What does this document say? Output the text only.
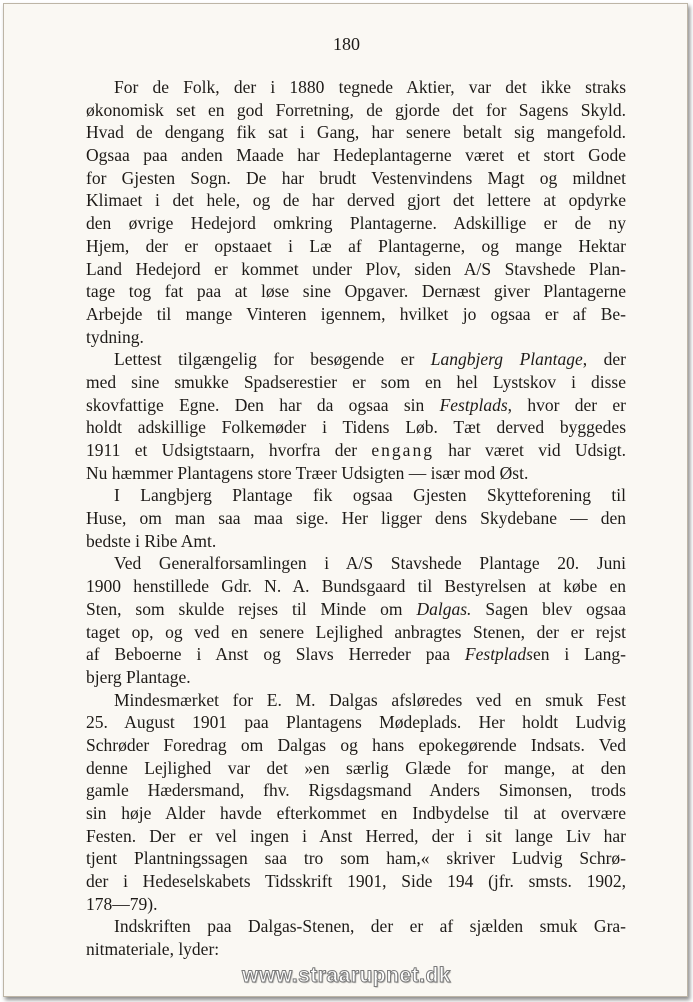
180
For de Folk, der i 1880 tegnede Aktier, var det ikke straks
økonomisk set en god Forretning, de gjorde det for Sagens Skyld.
Hvad de dengang fik sat i Gang, har senere betalt sig mangefold.
Ogsaa paa anden Maade har Hedeplantagerne været et stort Gode
for Gjesten Sogn. De har brudt Vestenvindens Magt og mildnet
Klimaet i det hele, og de har derved gjort det lettere at opdyrke
den øvrige Hedejord omkring Plantagerne. Adskillige er de ny
Hjem, der er opstaaet i Læ af Plantagerne, og mange Hektar
Land Hedejord er kommet under Plov, siden A/S Stavshede Plan-
tage tog fat paa at løse sine Opgaver. Dernæst giver Plantagerne
Arbejde til mange Vinteren igennem, hvilket jo ogsaa er af Be-
tydning.
Lettest tilgængelig for besøgende er Langbjerg Plantage, der
med sine smukke Spadserestier er som en hel Lystskov i disse
skovfattige Egne. Den har da ogsaa sin Festplads, hvor der er
holdt adskillige Folkemøder i Tidens Løb. Tæt derved byggedes
1911 et Udsigtstaarn, hvorfra der engang har været vid Udsigt.
Nu hæmmer Plantagens store Træer Udsigten — især mod Øst.
I Langbjerg Plantage fik ogsaa Gjesten Skytteforening til
Huse, om man saa maa sige. Her ligger dens Skydebane — den
bedste i Ribe Amt.
Ved Generalforsamlingen i A/S Stavshede Plantage 20. Juni
1900 henstillede Gdr. N. A. Bundsgaard til Bestyrelsen at købe en
Sten, som skulde rejses til Minde om Dalgas. Sagen blev ogsaa
taget op, og ved en senere Lejlighed anbragtes Stenen, der er rejst
af Beboerne i Anst og Slavs Herreder paa Festpladsen i Lang-
bjerg Plantage.
Mindesmærket for E. M. Dalgas afsløredes ved en smuk Fest
25. August 1901 paa Plantagens Mødeplads. Her holdt Ludvig
Schrøder Foredrag om Dalgas og hans epokegørende Indsats. Ved
denne Lejlighed var det »en særlig Glæde for mange, at den
gamle Hædersmand, fhv. Rigsdagsmand Anders Simonsen, trods
sin høje Alder havde efterkommet en Indbydelse til at overvære
Festen. Der er vel ingen i Anst Herred, der i sit lange Liv har
tjent Plantningssagen saa tro som ham,« skriver Ludvig Schrø-
der i Hedeselskabets Tidsskrift 1901, Side 194 (jfr. smsts. 1902,
178—79).
Indskriften paa Dalgas-Stenen, der er af sjælden smuk Gra-
nitmateriale, lyder:
www.straarupnet.dk
